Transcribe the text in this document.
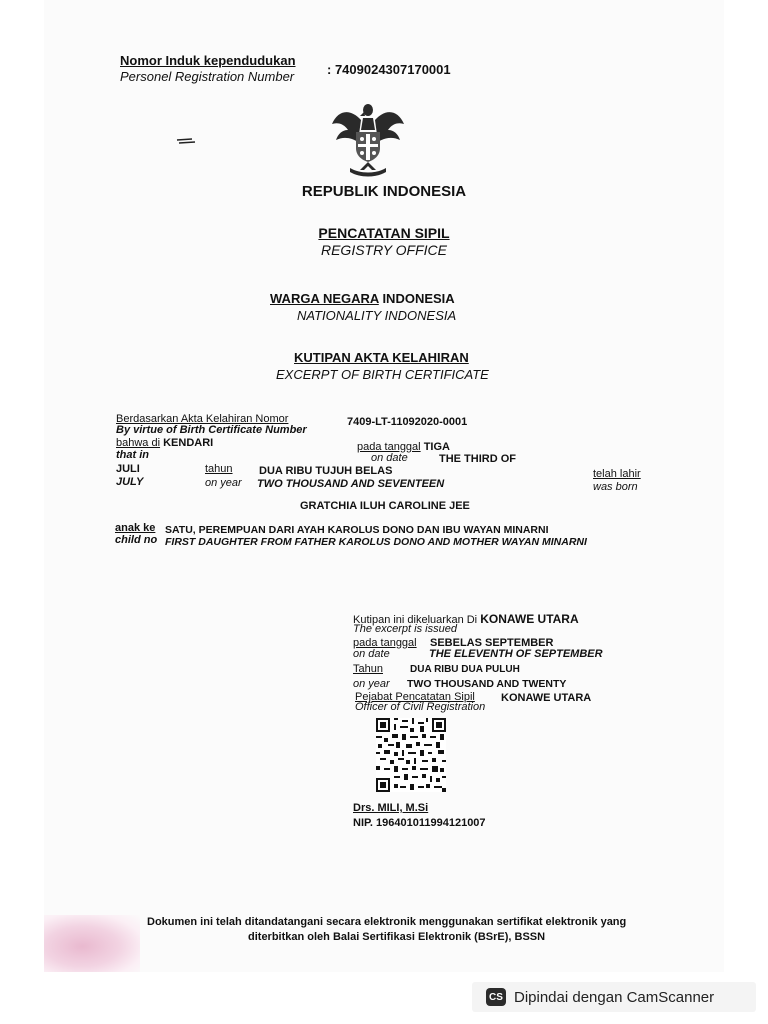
Nomor Induk kependudukan
Personel Registration Number	: 7409024307170001
REPUBLIK INDONESIA
PENCATATAN SIPIL
REGISTRY OFFICE
WARGA NEGARA INDONESIA
NATIONALITY INDONESIA
KUTIPAN AKTA KELAHIRAN
EXCERPT OF BIRTH CERTIFICATE
Berdasarkan Akta Kelahiran Nomor
By virtue of Birth Certificate Number
7409-LT-11092020-0001
bahwa di KENDARI
that in
pada tanggal TIGA
on date	THE THIRD OF
JULI
JULY
tahun
on year
DUA RIBU TUJUH BELAS
TWO THOUSAND AND SEVENTEEN
telah lahir
was born
GRATCHIA ILUH CAROLINE JEE
anak ke
child no
SATU, PEREMPUAN DARI AYAH KAROLUS DONO DAN IBU WAYAN MINARNI
FIRST DAUGHTER FROM FATHER KAROLUS DONO AND MOTHER WAYAN MINARNI
Kutipan ini dikeluarkan Di KONAWE UTARA
The excerpt is issued
pada tanggal SEBELAS SEPTEMBER
on date	THE ELEVENTH OF SEPTEMBER
Tahun	DUA RIBU DUA PULUH
on year TWO THOUSAND AND TWENTY
Pejabat Pencatatan Sipil KONAWE UTARA
Officer of Civil Registration
Drs. MILI, M.Si
NIP. 196401011994121007
Dokumen ini telah ditandatangani secara elektronik menggunakan sertifikat elektronik yang
diterbitkan oleh Balai Sertifikasi Elektronik (BSrE), BSSN
CS Dipindai dengan CamScanner
